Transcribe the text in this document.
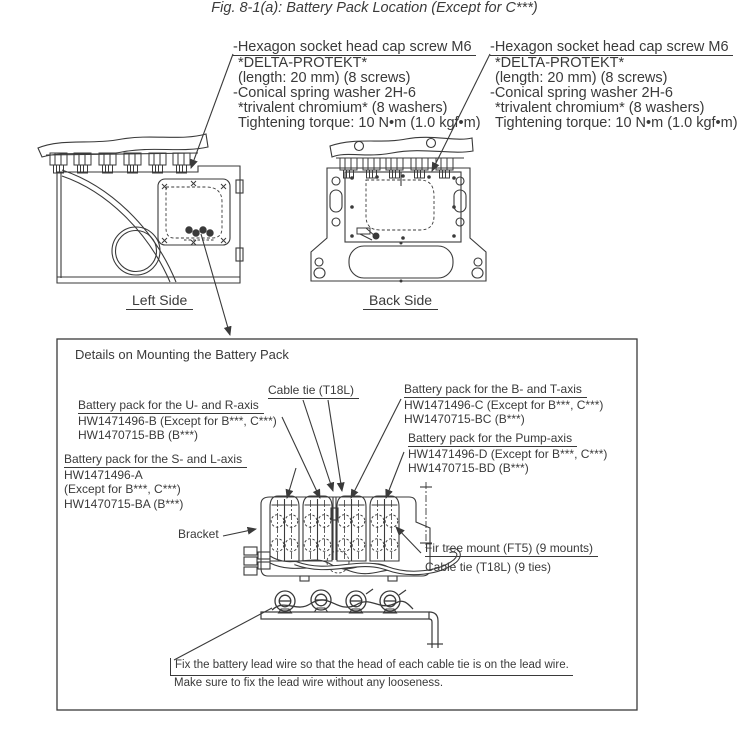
Fig. 8-1(a): Battery Pack Location (Except for C***)
-Hexagon socket head cap screw M6
*DELTA-PROTEKT*
(length: 20 mm) (8 screws)
-Conical spring washer 2H-6
*trivalent chromium* (8 washers)
Tightening torque: 10 N•m (1.0 kgf•m)
-Hexagon socket head cap screw M6
*DELTA-PROTEKT*
(length: 20 mm) (8 screws)
-Conical spring washer 2H-6
*trivalent chromium* (8 washers)
Tightening torque: 10 N•m (1.0 kgf•m)
Left Side	Back Side
Details on Mounting the Battery Pack
Cable tie (T18L)
Battery pack for the U- and R-axis
HW1471496-B (Except for B***, C***)
HW1470715-BB (B***)
Battery pack for the B- and T-axis
HW1471496-C (Except for B***, C***)
HW1470715-BC (B***)
Battery pack for the Pump-axis
HW1471496-D (Except for B***, C***)
HW1470715-BD (B***)
Battery pack for the S- and L-axis
HW1471496-A
(Except for B***, C***)
HW1470715-BA (B***)
Bracket
Fir tree mount (FT5) (9 mounts)
Cable tie (T18L) (9 ties)
Fix the battery lead wire so that the head of each cable tie is on the lead wire.
Make sure to fix the lead wire without any looseness.
